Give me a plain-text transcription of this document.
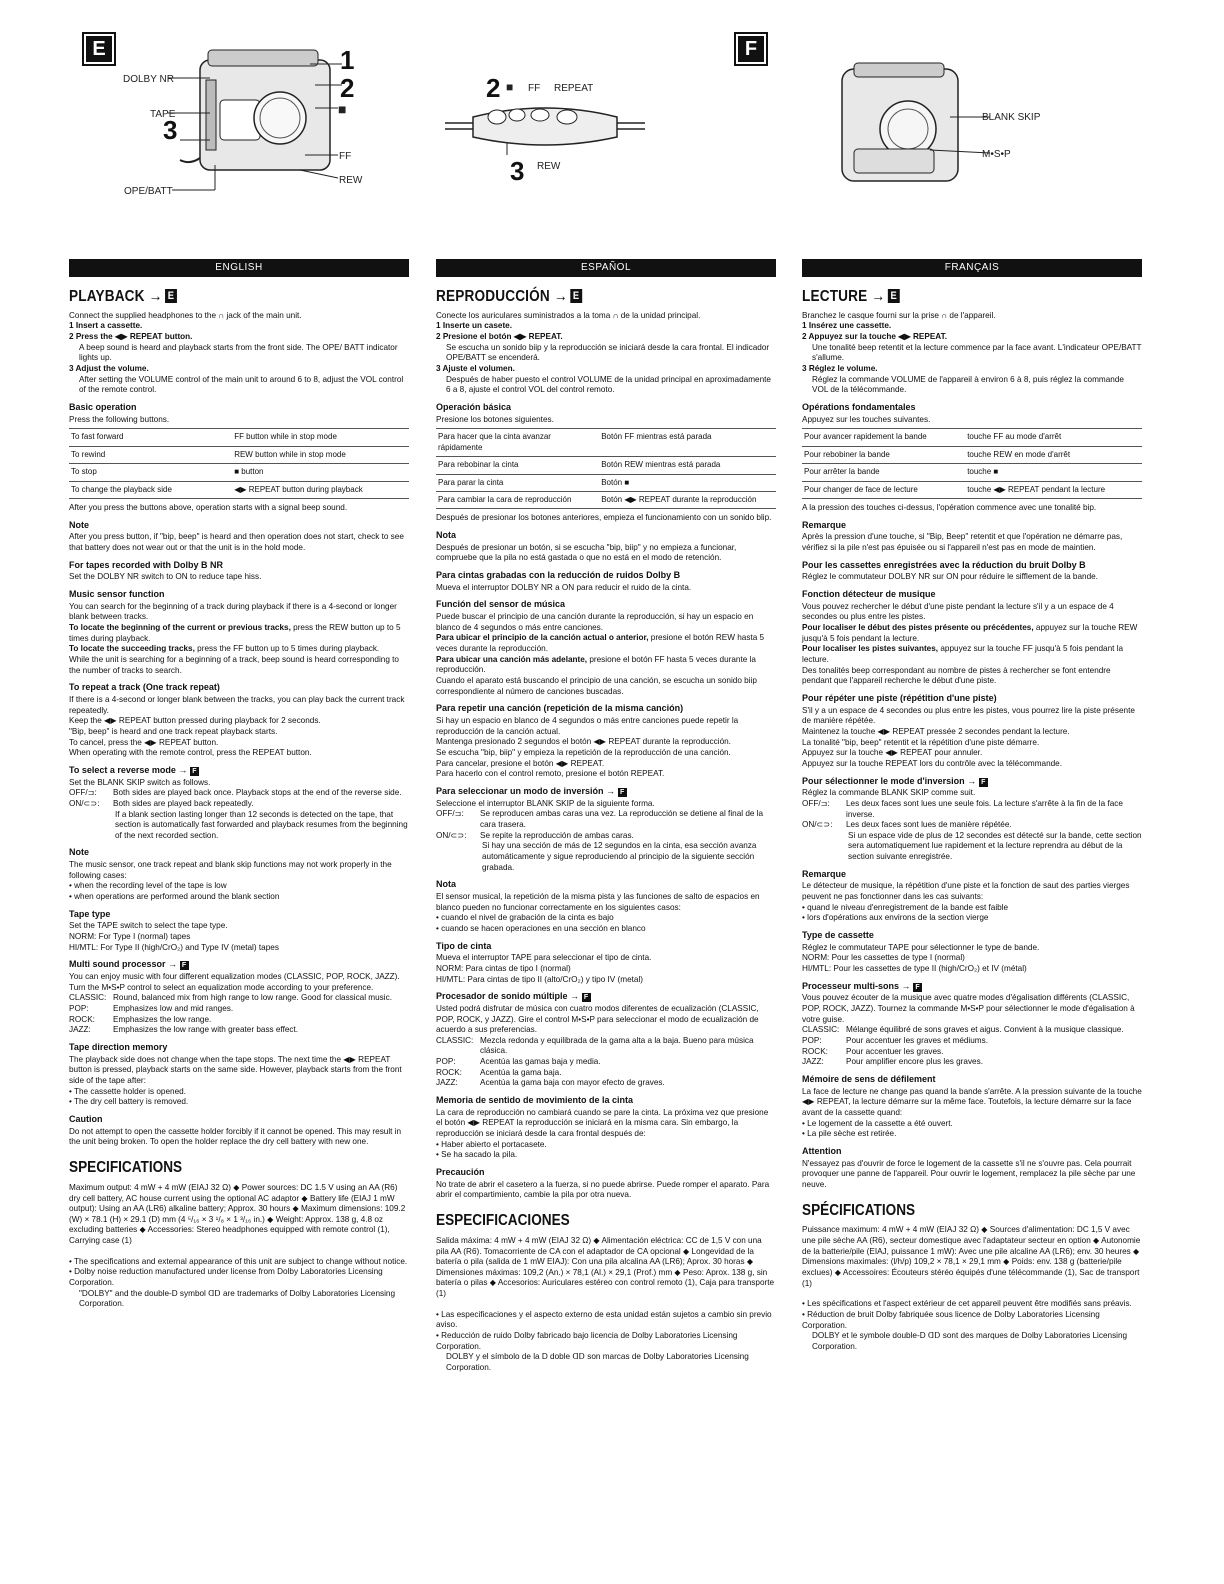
E
DOLBY NR
TAPE
OPE/BATT
FF
REW
1
2
3
■
2 ■ FF REPEAT
3 REW
F
BLANK SKIP
M•S•P
ENGLISH
PLAYBACK → E

Connect the supplied headphones to the ∩ jack of the main unit.

1 Insert a cassette.

2 Press the ◀▶ REPEAT button.

A beep sound is heard and playback starts from the front side. The OPE/ BATT indicator lights up.

3 Adjust the volume.

After setting the VOLUME control of the main unit to around 6 to 8, adjust the VOL control of the remote control.

Basic operation

Press the following buttons.

To fast forward	FF button while in stop mode
To rewind	REW button while in stop mode
To stop	■ button
To change the playback side	◀▶ REPEAT button during playback

After you press the buttons above, operation starts with a signal beep sound.

Note

After you press button, if "bip, beep" is heard and then operation does not start, check to see that battery does not wear out or that the unit is in the hold mode.

For tapes recorded with Dolby B NR

Set the DOLBY NR switch to ON to reduce tape hiss.

Music sensor function

You can search for the beginning of a track during playback if there is a 4-second or longer blank between tracks.

To locate the beginning of the current or previous tracks, press the REW button up to 5 times during playback.

To locate the succeeding tracks, press the FF button up to 5 times during playback.

While the unit is searching for a beginning of a track, beep sound is heard corresponding to the number of tracks to search.

To repeat a track (One track repeat)

If there is a 4-second or longer blank between the tracks, you can play back the current track repeatedly.

Keep the ◀▶ REPEAT button pressed during playback for 2 seconds.

"Bip, beep" is heard and one track repeat playback starts.

To cancel, press the ◀▶ REPEAT button.

When operating with the remote control, press the REPEAT button.

To select a reverse mode → F

Set the BLANK SKIP switch as follows.

OFF/⊐:	Both sides are played back once. Playback stops at the end of the reverse side.
ON/⊂⊃:	Both sides are played back repeatedly.

If a blank section lasting longer than 12 seconds is detected on the tape, that section is automatically fast forwarded and playback resumes from the beginning of the next recorded section.

Note

The music sensor, one track repeat and blank skip functions may not work properly in the following cases:

• when the recording level of the tape is low

• when operations are performed around the blank section

Tape type

Set the TAPE switch to select the tape type.

NORM: For Type I (normal) tapes

HI/MTL: For Type II (high/CrO₂) and Type IV (metal) tapes

Multi sound processor → F

You can enjoy music with four different equalization modes (CLASSIC, POP, ROCK, JAZZ). Turn the M•S•P control to select an equalization mode according to your preference.

CLASSIC: Round, balanced mix from high range to low range. Good for classical music.
POP:	Emphasizes low and mid ranges.
ROCK:	Emphasizes the low range.
JAZZ:	Emphasizes the low range with greater bass effect.
Tape direction memory

The playback side does not change when the tape stops. The next time the ◀▶ REPEAT button is pressed, playback starts on the same side. However, playback starts from the front side of the tape after:

• The cassette holder is opened.

• The dry cell battery is removed.

Caution

Do not attempt to open the cassette holder forcibly if it cannot be opened. This may result in the unit being broken. To open the holder replace the dry cell battery with new one.

SPECIFICATIONS

Maximum output: 4 mW + 4 mW (EIAJ 32 Ω) ◆ Power sources: DC 1.5 V using an AA (R6) dry cell battery, AC house current using the optional AC adaptor ◆ Battery life (EIAJ 1 mW output): Using an AA (LR6) alkaline battery; Approx. 30 hours ◆ Maximum dimensions: 109.2 (W) × 78.1 (H) × 29.1 (D) mm (4 ⁵/₁₆ × 3 ¹/₈ × 1 ³/₁₆ in.) ◆ Weight: Approx. 138 g, 4.8 oz excluding batteries ◆ Accessories: Stereo headphones equipped with remote control (1), Carrying case (1)

• The specifications and external appearance of this unit are subject to change without notice.

• Dolby noise reduction manufactured under license from Dolby Laboratories Licensing Corporation.

"DOLBY" and the double-D symbol ᗡᗞ are trademarks of Dolby Laboratories Licensing Corporation.

ESPAÑOL
REPRODUCCIÓN → E

Conecte los auriculares suministrados a la toma ∩ de la unidad principal.

1 Inserte un casete.

2 Presione el botón ◀▶ REPEAT.

Se escucha un sonido biip y la reproducción se iniciará desde la cara frontal. El indicador OPE/BATT se encenderá.

3 Ajuste el volumen.

Después de haber puesto el control VOLUME de la unidad principal en aproximadamente 6 a 8, ajuste el control VOL del control remoto.

Operación básica

Presione los botones siguientes.

Para hacer que la cinta avanzar rápidamente	Botón FF mientras está parada
Para rebobinar la cinta	Botón REW mientras está parada
Para parar la cinta	Botón ■
Para cambiar la cara de reproducción	Botón ◀▶ REPEAT durante la reproducción

Después de presionar los botones anteriores, empieza el funcionamiento con un sonido blip.

Nota

Después de presionar un botón, si se escucha "bip, biip" y no empieza a funcionar, compruebe que la pila no está gastada o que no está en el modo de retención.

Para cintas grabadas con la reducción de ruidos Dolby B

Mueva el interruptor DOLBY NR a ON para reducir el ruido de la cinta.

Función del sensor de música

Puede buscar el principio de una canción durante la reproducción, si hay un espacio en blanco de 4 segundos o más entre canciones.

Para ubicar el principio de la canción actual o anterior, presione el botón REW hasta 5 veces durante la reproducción.

Para ubicar una canción más adelante, presione el botón FF hasta 5 veces durante la reproducción.

Cuando el aparato está buscando el principio de una canción, se escucha un sonido biip correspondiente al número de canciones buscadas.

Para repetir una canción (repetición de la misma canción)

Si hay un espacio en blanco de 4 segundos o más entre canciones puede repetir la reproducción de la canción actual.

Mantenga presionado 2 segundos el botón ◀▶ REPEAT durante la reproducción.

Se escucha "bip, biip" y empieza la repetición de la reproducción de una canción.

Para cancelar, presione el botón ◀▶ REPEAT.

Para hacerlo con el control remoto, presione el botón REPEAT.

Para seleccionar un modo de inversión → F

Seleccione el interruptor BLANK SKIP de la siguiente forma.

OFF/⊐:	Se reproducen ambas caras una vez. La reproducción se detiene al final de la cara trasera.
ON/⊂⊃:	Se repite la reproducción de ambas caras.

Si hay una sección de más de 12 segundos en la cinta, esa sección avanza automáticamente y sigue reproduciendo al principio de la siguiente sección grabada.

Nota

El sensor musical, la repetición de la misma pista y las funciones de salto de espacios en blanco pueden no funcionar correctamente en los siguientes casos:

• cuando el nivel de grabación de la cinta es bajo

• cuando se hacen operaciones en una sección en blanco

Tipo de cinta

Mueva el interruptor TAPE para seleccionar el tipo de cinta.

NORM: Para cintas de tipo I (normal)

HI/MTL: Para cintas de tipo II (alto/CrO₂) y tipo IV (metal)

Procesador de sonido múltiple → F

Usted podrá disfrutar de música con cuatro modos diferentes de ecualización (CLASSIC, POP, ROCK, y JAZZ). Gire el control M•S•P para seleccionar el modo de ecualización de acuerdo a sus preferencias.

CLASSIC: Mezcla redonda y equilibrada de la gama alta a la baja. Bueno para música clásica.
POP:	Acentúa las gamas baja y media.
ROCK:	Acentúa la gama baja.
JAZZ:	Acentúa la gama baja con mayor efecto de graves.
Memoria de sentido de movimiento de la cinta

La cara de reproducción no cambiará cuando se pare la cinta. La próxima vez que presione el botón ◀▶ REPEAT la reproducción se iniciará en la misma cara. Sin embargo, la reproducción se iniciará desde la cara frontal después de:

• Haber abierto el portacasete.

• Se ha sacado la pila.

Precaución

No trate de abrir el casetero a la fuerza, si no puede abrirse. Puede romper el aparato. Para abrir el compartimiento, cambie la pila por otra nueva.

ESPECIFICACIONES

Salida máxima: 4 mW + 4 mW (EIAJ 32 Ω) ◆ Alimentación eléctrica: CC de 1,5 V con una pila AA (R6). Tomacorriente de CA con el adaptador de CA opcional ◆ Longevidad de la batería o pila (salida de 1 mW EIAJ): Con una pila alcalina AA (LR6); Aprox. 30 horas ◆ Dimensiones máximas: 109,2 (An.) × 78,1 (Al.) × 29,1 (Prof.) mm ◆ Peso: Aprox. 138 g, sin batería o pilas ◆ Accesorios: Auriculares estéreo con control remoto (1), Caja para transporte (1)

• Las especificaciones y el aspecto externo de esta unidad están sujetos a cambio sin previo aviso.

• Reducción de ruido Dolby fabricado bajo licencia de Dolby Laboratories Licensing Corporation.

DOLBY y el símbolo de la D doble ᗡᗞ son marcas de Dolby Laboratories Licensing Corporation.

FRANÇAIS
LECTURE → E

Branchez le casque fourni sur la prise ∩ de l'appareil.

1 Insérez une cassette.

2 Appuyez sur la touche ◀▶ REPEAT.

Une tonalité beep retentit et la lecture commence par la face avant. L'indicateur OPE/BATT s'allume.

3 Réglez le volume.

Réglez la commande VOLUME de l'appareil à environ 6 à 8, puis réglez la commande VOL de la télécommande.

Opérations fondamentales

Appuyez sur les touches suivantes.

Pour avancer rapidement la bande	touche FF au mode d'arrêt
Pour rebobiner la bande	touche REW en mode d'arrêt
Pour arrêter la bande	touche ■
Pour changer de face de lecture	touche ◀▶ REPEAT pendant la lecture

A la pression des touches ci-dessus, l'opération commence avec une tonalité bip.

Remarque

Après la pression d'une touche, si "Bip, Beep" retentit et que l'opération ne démarre pas, vérifiez si la pile n'est pas épuisée ou si l'appareil n'est pas en mode de maintien.

Pour les cassettes enregistrées avec la réduction du bruit Dolby B

Réglez le commutateur DOLBY NR sur ON pour réduire le sifflement de la bande.

Fonction détecteur de musique

Vous pouvez rechercher le début d'une piste pendant la lecture s'il y a un espace de 4 secondes ou plus entre les pistes.

Pour localiser le début des pistes présente ou précédentes, appuyez sur la touche REW jusqu'à 5 fois pendant la lecture.

Pour localiser les pistes suivantes, appuyez sur la touche FF jusqu'à 5 fois pendant la lecture.

Des tonalités beep correspondant au nombre de pistes à rechercher se font entendre pendant que l'appareil recherche le début d'une piste.

Pour répéter une piste (répétition d'une piste)

S'il y a un espace de 4 secondes ou plus entre les pistes, vous pourrez lire la piste présente de manière répétée.

Maintenez la touche ◀▶ REPEAT pressée 2 secondes pendant la lecture.

La tonalité "bip, beep" retentit et la répétition d'une piste démarre.

Appuyez sur la touche ◀▶ REPEAT pour annuler.

Appuyez sur la touche REPEAT lors du contrôle avec la télécommande.

Pour sélectionner le mode d'inversion → F

Réglez la commande BLANK SKIP comme suit.

OFF/⊐:	Les deux faces sont lues une seule fois. La lecture s'arrête à la fin de la face inverse.
ON/⊂⊃:	Les deux faces sont lues de manière répétée.

Si un espace vide de plus de 12 secondes est détecté sur la bande, cette section sera automatiquement lue rapidement et la lecture reprendra au début de la section suivante enregistrée.

Remarque

Le détecteur de musique, la répétition d'une piste et la fonction de saut des parties vierges peuvent ne pas fonctionner dans les cas suivants:

• quand le niveau d'enregistrement de la bande est faible

• lors d'opérations aux environs de la section vierge

Type de cassette

Réglez le commutateur TAPE pour sélectionner le type de bande.

NORM: Pour les cassettes de type I (normal)

HI/MTL: Pour les cassettes de type II (high/CrO₂) et IV (métal)

Processeur multi-sons → F

Vous pouvez écouter de la musique avec quatre modes d'égalisation différents (CLASSIC, POP, ROCK, JAZZ). Tournez la commande M•S•P pour sélectionner le mode d'égalisation à votre guise.

CLASSIC: Mélange équilibré de sons graves et aigus. Convient à la musique classique.
POP:	Pour accentuer les graves et médiums.
ROCK:	Pour accentuer les graves.
JAZZ:	Pour amplifier encore plus les graves.
Mémoire de sens de défilement

La face de lecture ne change pas quand la bande s'arrête. A la pression suivante de la touche ◀▶ REPEAT, la lecture démarre sur la même face. Toutefois, la lecture démarre sur la face avant de la cassette quand:

• Le logement de la cassette a été ouvert.

• La pile sèche est retirée.

Attention

N'essayez pas d'ouvrir de force le logement de la cassette s'il ne s'ouvre pas. Cela pourrait provoquer une panne de l'appareil. Pour ouvrir le logement, remplacez la pile sèche par une neuve.

SPÉCIFICATIONS

Puissance maximum: 4 mW + 4 mW (EIAJ 32 Ω) ◆ Sources d'alimentation: DC 1,5 V avec une pile sèche AA (R6), secteur domestique avec l'adaptateur secteur en option ◆ Autonomie de la batterie/pile (EIAJ, puissance 1 mW): Avec une pile alcaline AA (LR6); env. 30 heures ◆ Dimensions maximales: (l/h/p) 109,2 × 78,1 × 29,1 mm ◆ Poids: env. 138 g (batterie/pile exclues) ◆ Accessoires: Écouteurs stéréo équipés d'une télécommande (1), Sac de transport (1)

• Les spécifications et l'aspect extérieur de cet appareil peuvent être modifiés sans préavis.

• Réduction de bruit Dolby fabriquée sous licence de Dolby Laboratories Licensing Corporation.

DOLBY et le symbole double-D ᗡᗞ sont des marques de Dolby Laboratories Licensing Corporation.
